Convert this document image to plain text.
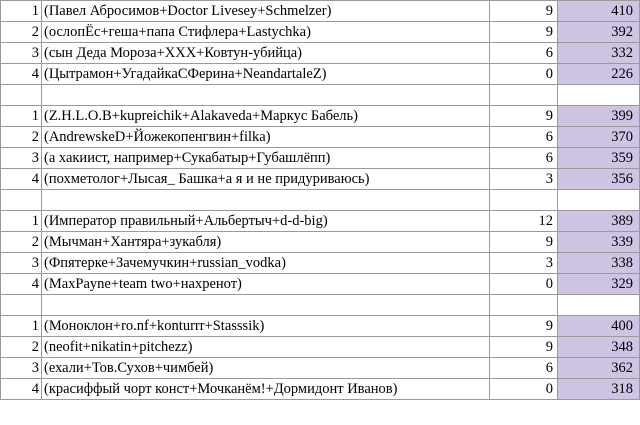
1	(Павел Абросимов+Doctor Livesey+Schmelzer)	9	410
2	(ослопЁс+геша+папа Стифлера+Lastychka)	9	392
3	(сын Деда Мороза+XXX+Ковтун-убийца)	6	332
4	(Цытрамон+УгадайкаСФерина+NeandartaleZ)	0	226

1	(Z.H.L.O.B+kupreichik+Alakaveda+Маркус Бабель)	9	399
2	(AndrewskeD+Йожекопенгвин+filka)	6	370
3	(а хакиист, например+Сукабатыр+Губашлёпп)	6	359
4	(похметолог+Лысая_ Башка+а я и не придуриваюсь)	3	356

1	(Император правильный+Альбертыч+d-d-big)	12	389
2	(Мычман+Хантяра+зукабля)	9	339
3	(Фпятерке+Зачемучкин+russian_vodka)	3	338
4	(MaxPayne+team two+нахренот)	0	329

1	(Моноклон+ro.nf+konturrr+Stasssik)	9	400
2	(neofit+nikatin+pitchezz)	9	348
3	(ехали+Тов.Сухов+чимбей)	6	362
4	(красиффый чорт конст+Мочканём!+Дормидонт Иванов)	0	318
